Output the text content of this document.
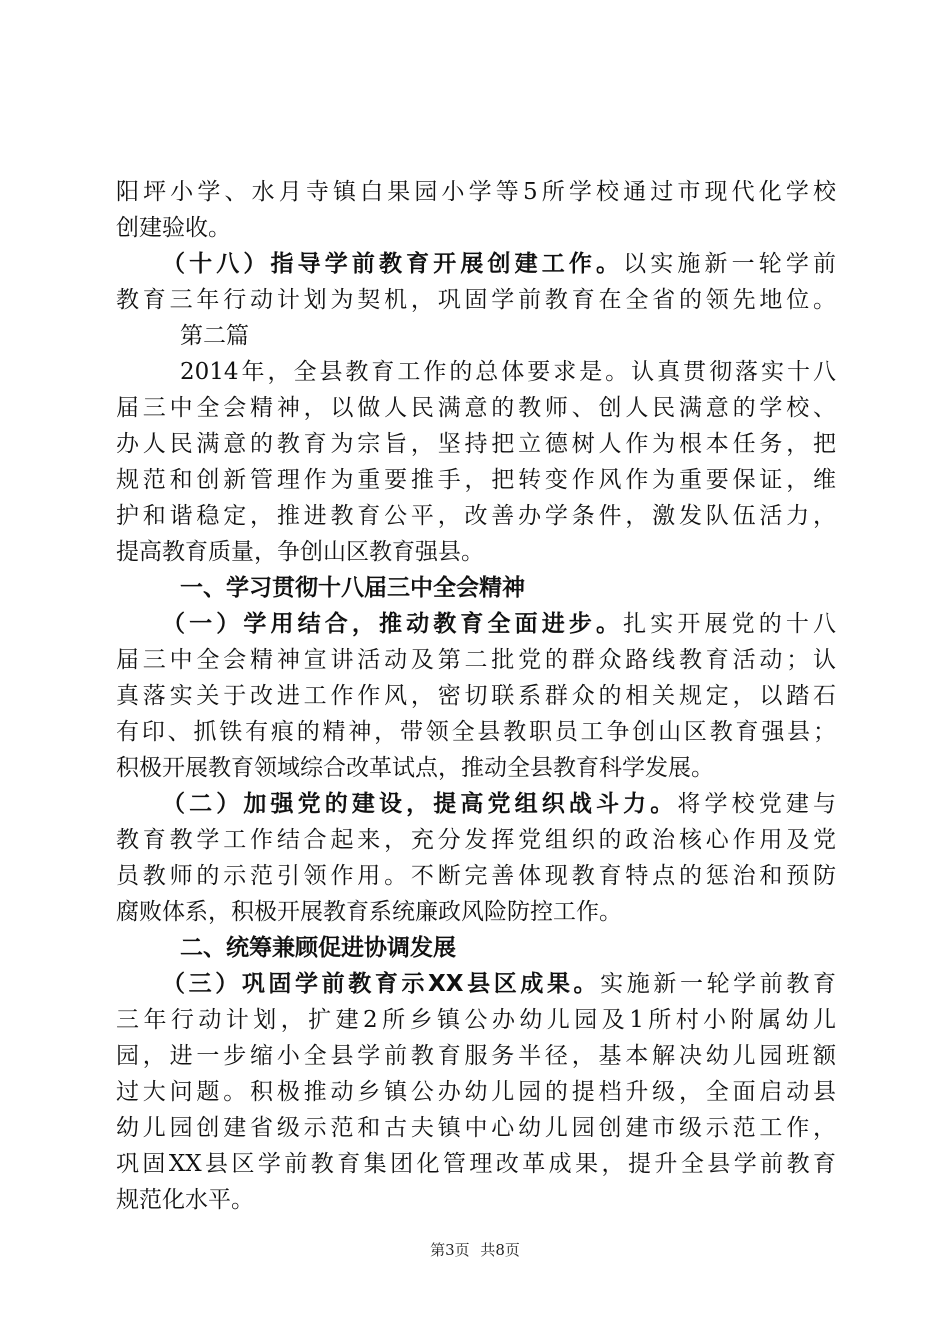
阳坪小学、水月寺镇白果园小学等5所学校通过市现代化学校
创建验收。
（十八）指导学前教育开展创建工作。以实施新一轮学前
教育三年行动计划为契机，巩固学前教育在全省的领先地位。
第二篇
2014年，全县教育工作的总体要求是。认真贯彻落实十八
届三中全会精神，以做人民满意的教师、创人民满意的学校、
办人民满意的教育为宗旨，坚持把立德树人作为根本任务，把
规范和创新管理作为重要推手，把转变作风作为重要保证，维
护和谐稳定，推进教育公平，改善办学条件，激发队伍活力，
提高教育质量，争创山区教育强县。
一、学习贯彻十八届三中全会精神
（一）学用结合，推动教育全面进步。扎实开展党的十八
届三中全会精神宣讲活动及第二批党的群众路线教育活动；认
真落实关于改进工作作风，密切联系群众的相关规定，以踏石
有印、抓铁有痕的精神，带领全县教职员工争创山区教育强县；
积极开展教育领域综合改革试点，推动全县教育科学发展。
（二）加强党的建设，提高党组织战斗力。将学校党建与
教育教学工作结合起来，充分发挥党组织的政治核心作用及党
员教师的示范引领作用。不断完善体现教育特点的惩治和预防
腐败体系，积极开展教育系统廉政风险防控工作。
二、统筹兼顾促进协调发展
（三）巩固学前教育示XX县区成果。实施新一轮学前教育
三年行动计划，扩建2所乡镇公办幼儿园及1所村小附属幼儿
园，进一步缩小全县学前教育服务半径，基本解决幼儿园班额
过大问题。积极推动乡镇公办幼儿园的提档升级，全面启动县
幼儿园创建省级示范和古夫镇中心幼儿园创建市级示范工作，
巩固XX县区学前教育集团化管理改革成果，提升全县学前教育
规范化水平。
第3页 共8页
